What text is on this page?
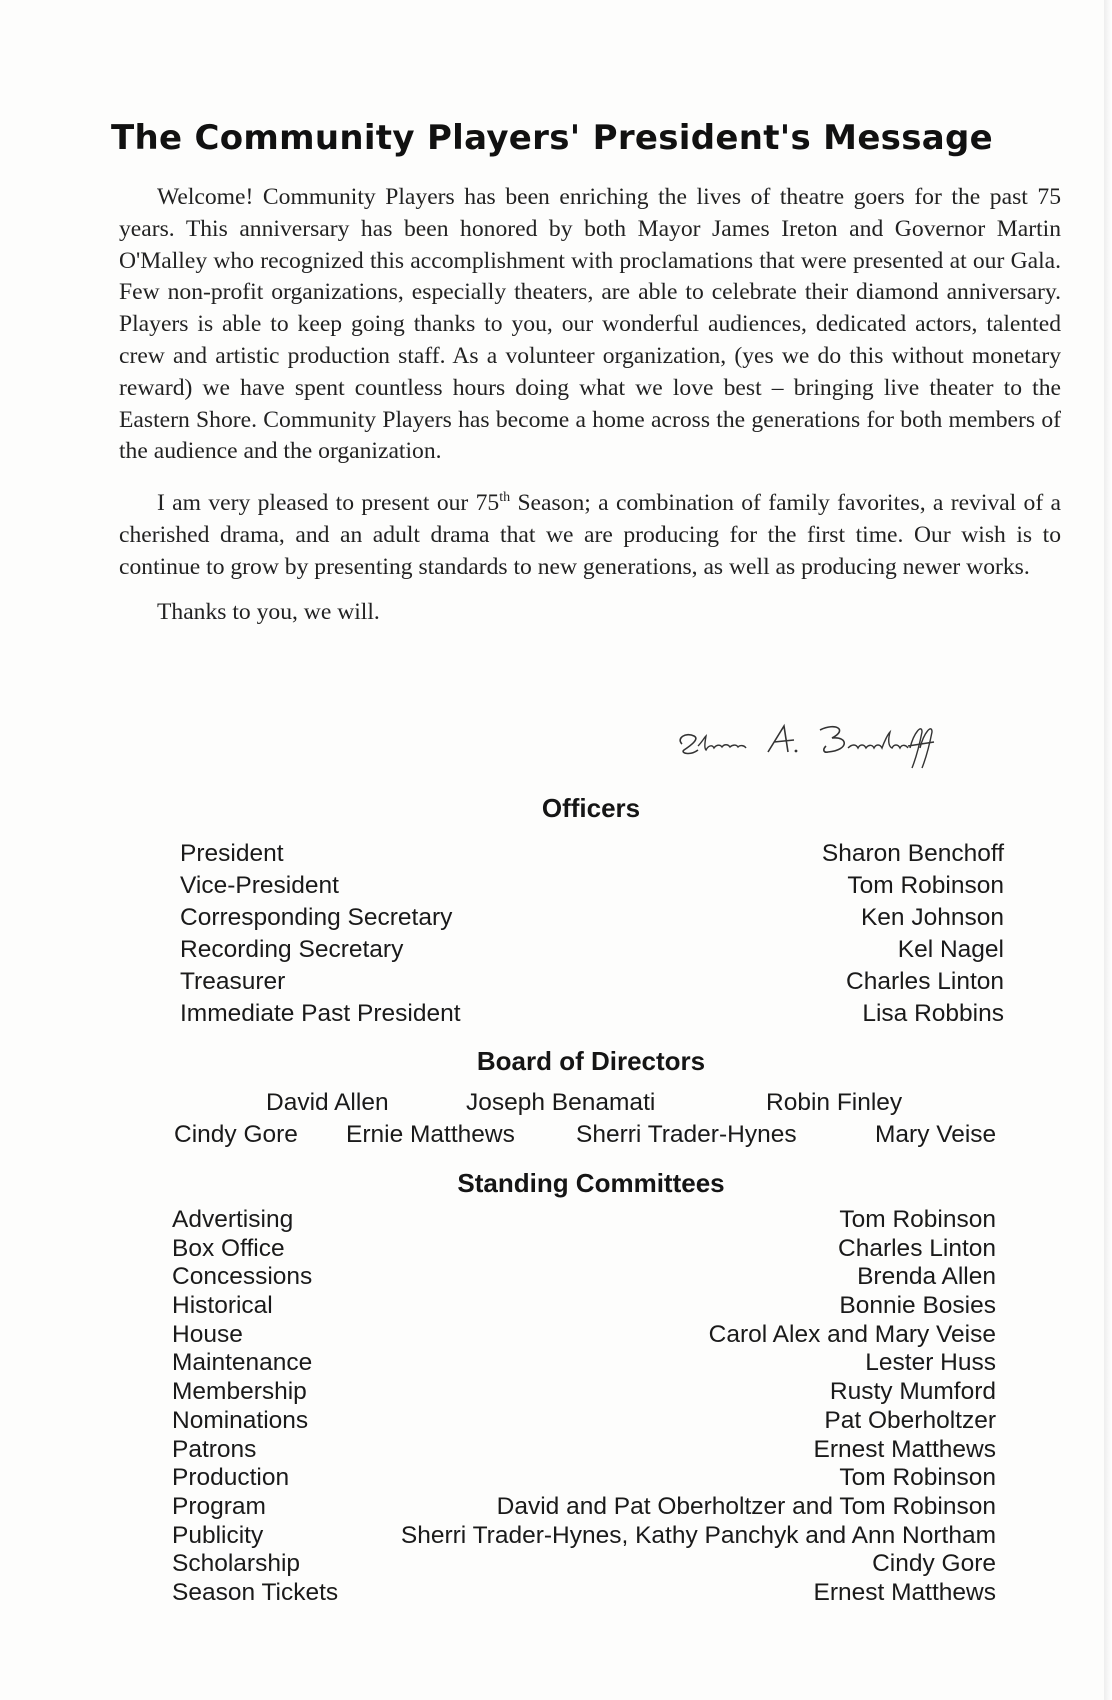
The Community Players' President's Message

Welcome! Community Players has been enriching the lives of theatre goers for the past 75 years. This anniversary has been honored by both Mayor James Ireton and Governor Martin O'Malley who recognized this accomplishment with proclamations that were presented at our Gala. Few non-profit organizations, especially theaters, are able to celebrate their diamond anniversary. Players is able to keep going thanks to you, our wonderful audiences, dedicated actors, talented crew and artistic production staff. As a volunteer organization, (yes we do this without monetary reward) we have spent countless hours doing what we love best – bringing live theater to the Eastern Shore. Community Players has become a home across the generations for both members of the audience and the organization.

I am very pleased to present our 75th Season; a combination of family favorites, a revival of a cherished drama, and an adult drama that we are producing for the first time. Our wish is to continue to grow by presenting standards to new generations, as well as producing newer works.

Thanks to you, we will.

Officers
President	Sharon Benchoff
Vice-President	Tom Robinson
Corresponding Secretary	Ken Johnson
Recording Secretary	Kel Nagel
Treasurer	Charles Linton
Immediate Past President	Lisa Robbins
Board of Directors
David Allen	Joseph Benamati	Robin Finley
Cindy Gore Ernie Matthews Sherri Trader-Hynes	Mary Veise
Standing Committees
Advertising	Tom Robinson
Box Office	Charles Linton
Concessions	Brenda Allen
Historical	Bonnie Bosies
House	Carol Alex and Mary Veise
Maintenance	Lester Huss
Membership	Rusty Mumford
Nominations	Pat Oberholtzer
Patrons	Ernest Matthews
Production	Tom Robinson
Program	David and Pat Oberholtzer and Tom Robinson
Publicity	Sherri Trader-Hynes, Kathy Panchyk and Ann Northam
Scholarship	Cindy Gore
Season Tickets	Ernest Matthews
